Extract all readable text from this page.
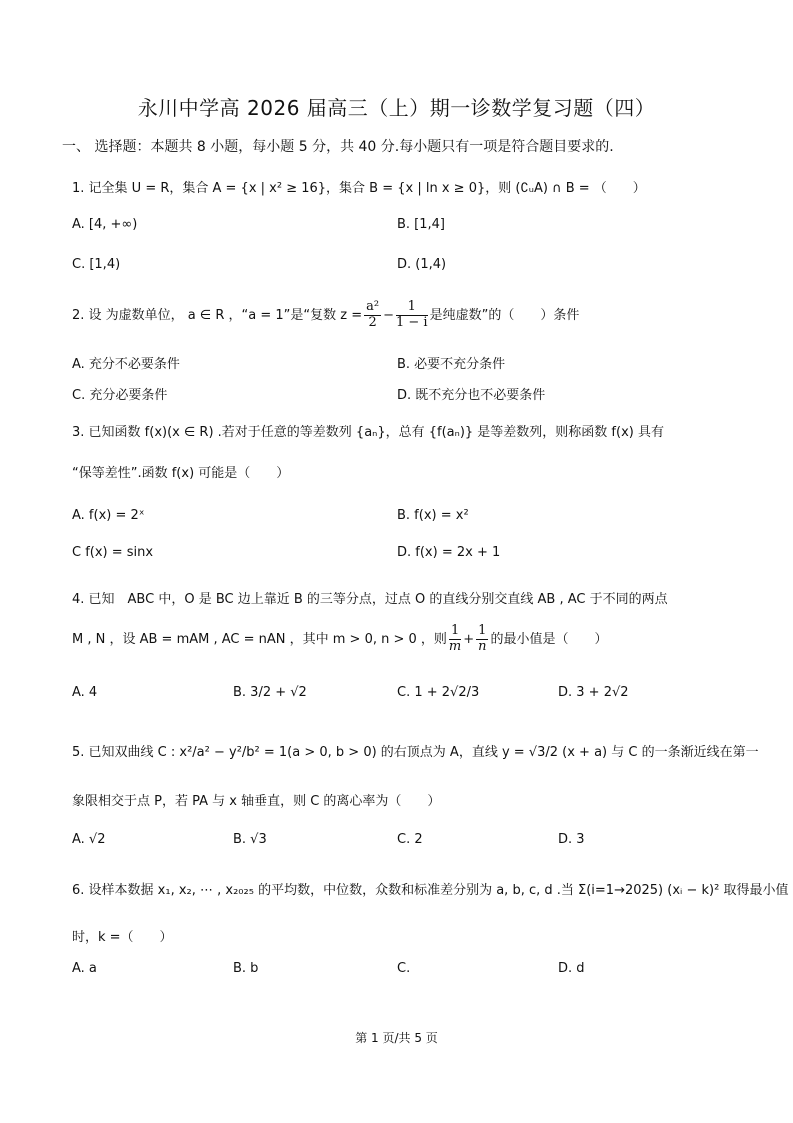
永川中学高 2026 届高三（上）期一诊数学复习题（四）
一、 选择题：本题共 8 小题，每小题 5 分，共 40 分.每小题只有一项是符合题目要求的.
1. 记全集 U = R，集合 A = {x | x² ≥ 16}，集合 B = {x | ln x ≥ 0}，则 (∁ᵤA) ∩ B = （　　）
A. [4, +∞)	B. [1,4]
C. [1,4)	D. (1,4)
2. 设 为虚数单位， a ∈ R ，“a = 1”是“复数 $z = \frac{\text{a²}}{2} - \frac{1}{1 - i}$ 是纯虚数”的（　　）条件
A. 充分不必要条件	B. 必要不充分条件
C. 充分必要条件	D. 既不充分也不必要条件
3. 已知函数 f(x)(x ∈ R) .若对于任意的等差数列 {aₙ}，总有 {f(aₙ)} 是等差数列，则称函数 f(x) 具有
“保等差性”.函数 f(x) 可能是（　　）
A. f(x) = 2ˣ	B. f(x) = x²
C f(x) = sinx	D. f(x) = 2x + 1
4. 已知　ABC 中，O 是 BC 边上靠近 B 的三等分点，过点 O 的直线分别交直线 AB , AC 于不同的两点
M , N ，设 AB = mAM , AC = nAN ，其中 m > 0, n > 0 ，则 $\frac{1}{m} + \frac{1}{n}$ 的最小值是（　　）
A. 4	B. 3/2 + √2	C. 1 + 2√2/3	D. 3 + 2√2
5. 已知双曲线 C : x²/a² − y²/b² = 1(a > 0, b > 0) 的右顶点为 A，直线 y = √3/2 (x + a) 与 C 的一条渐近线在第一
象限相交于点 P，若 PA 与 x 轴垂直，则 C 的离心率为（　　）
A. √2	B. √3	C. 2	D. 3
6. 设样本数据 x₁, x₂, ⋯ , x₂₀₂₅ 的平均数，中位数，众数和标准差分别为 a, b, c, d .当 Σ(i=1→2025) (xᵢ − k)² 取得最小值
时，k =（　　）
A. a	B. b	C.	D. d
第 1 页/共 5 页
